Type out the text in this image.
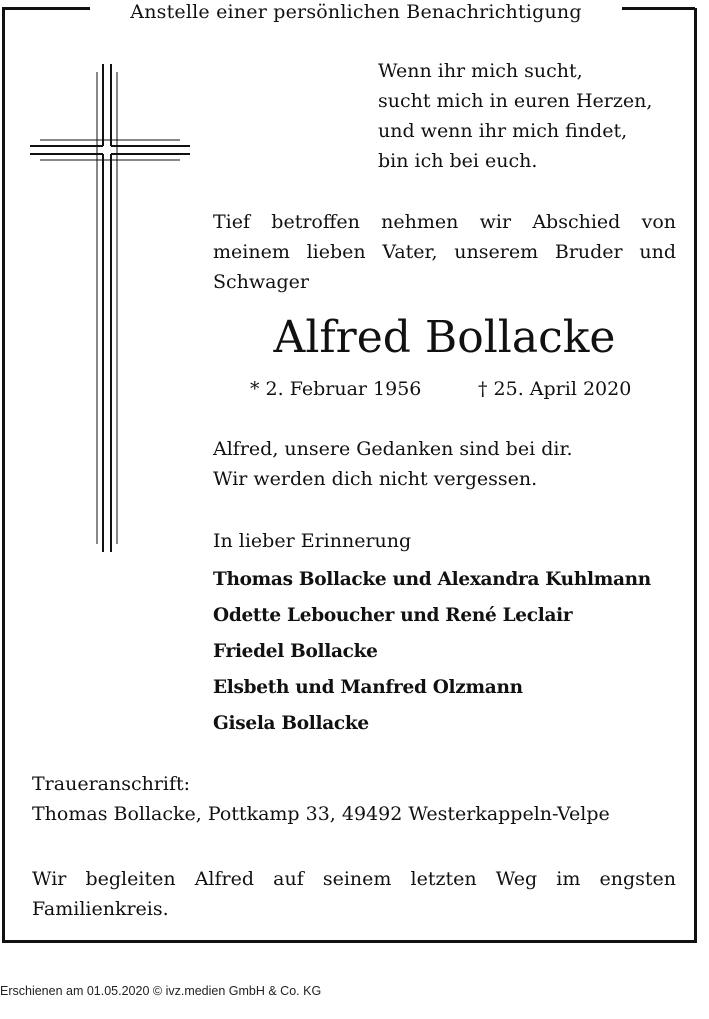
Anstelle einer persönlichen Benachrichtigung
Wenn ihr mich sucht,
sucht mich in euren Herzen,
und wenn ihr mich findet,
bin ich bei euch.
Tief betroffen nehmen wir Abschied von meinem lieben Vater, unserem Bruder und Schwager
Alfred Bollacke
* 2. Februar 1956	† 25. April 2020
Alfred, unsere Gedanken sind bei dir.
Wir werden dich nicht vergessen.
In lieber Erinnerung
Thomas Bollacke und Alexandra Kuhlmann
Odette Leboucher und René Leclair
Friedel Bollacke
Elsbeth und Manfred Olzmann
Gisela Bollacke
Traueranschrift:
Thomas Bollacke, Pottkamp 33, 49492 Westerkappeln-Velpe
Wir begleiten Alfred auf seinem letzten Weg im engsten Familienkreis.
Erschienen am 01.05.2020 © ivz.medien GmbH & Co. KG
